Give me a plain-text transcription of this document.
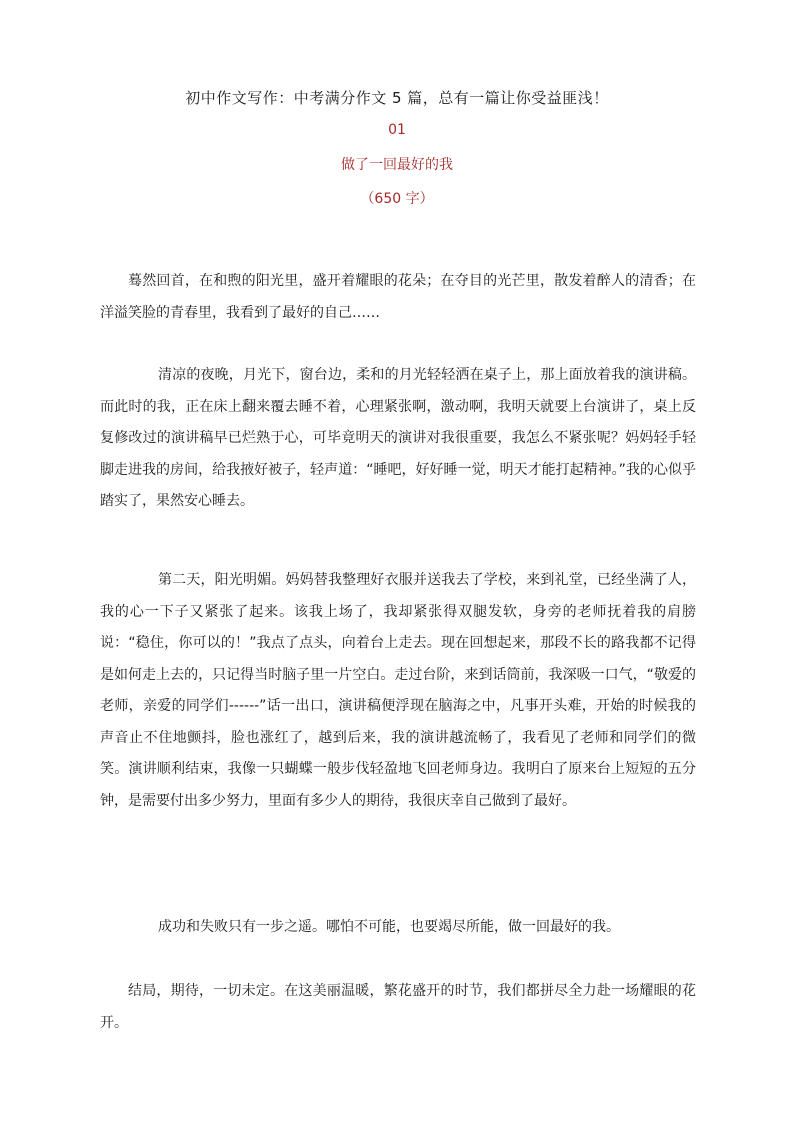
初中作文写作：中考满分作文 5 篇，总有一篇让你受益匪浅！
01
做了一回最好的我
（650 字）

蓦然回首，在和煦的阳光里，盛开着耀眼的花朵；在夺目的光芒里，散发着醉人的清香；在洋溢笑脸的青春里，我看到了最好的自己……

清凉的夜晚，月光下，窗台边，柔和的月光轻轻洒在桌子上，那上面放着我的演讲稿。而此时的我，正在床上翻来覆去睡不着，心理紧张啊，激动啊，我明天就要上台演讲了，桌上反复修改过的演讲稿早已烂熟于心，可毕竟明天的演讲对我很重要，我怎么不紧张呢？妈妈轻手轻脚走进我的房间，给我掖好被子，轻声道：“睡吧，好好睡一觉，明天才能打起精神。”我的心似乎踏实了，果然安心睡去。

第二天，阳光明媚。妈妈替我整理好衣服并送我去了学校，来到礼堂，已经坐满了人，我的心一下子又紧张了起来。该我上场了，我却紧张得双腿发软，身旁的老师抚着我的肩膀说：“稳住，你可以的！”我点了点头，向着台上走去。现在回想起来，那段不长的路我都不记得是如何走上去的，只记得当时脑子里一片空白。走过台阶，来到话筒前，我深吸一口气，“敬爱的老师，亲爱的同学们------”话一出口，演讲稿便浮现在脑海之中，凡事开头难，开始的时候我的声音止不住地颤抖，脸也涨红了，越到后来，我的演讲越流畅了，我看见了老师和同学们的微笑。演讲顺利结束，我像一只蝴蝶一般步伐轻盈地飞回老师身边。我明白了原来台上短短的五分钟，是需要付出多少努力，里面有多少人的期待，我很庆幸自己做到了最好。

成功和失败只有一步之遥。哪怕不可能，也要竭尽所能，做一回最好的我。

结局，期待，一切未定。在这美丽温暖，繁花盛开的时节，我们都拼尽全力赴一场耀眼的花开。
